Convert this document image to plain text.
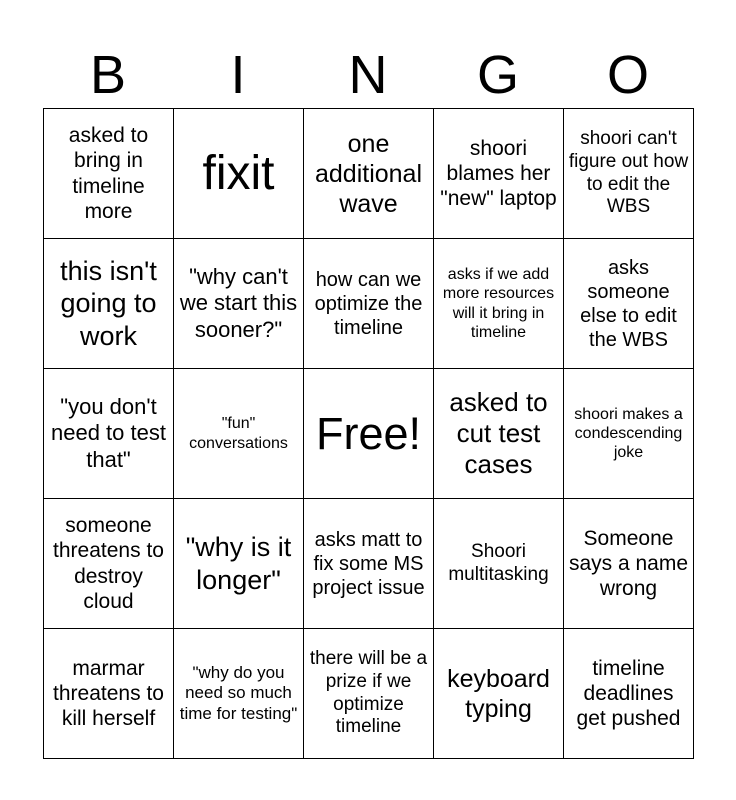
B	I	N	G	O
asked to bring in timeline more	fixit	one additional wave	shoori blames her "new" laptop	shoori can't figure out how to edit the WBS

this isn't going to work	"why can't we start this sooner?"	how can we optimize the timeline	asks if we add more resources will it bring in timeline	asks someone else to edit the WBS

"you don't need to test that"	"fun" conversations	Free!	asked to cut test cases	shoori makes a condescending joke

someone threatens to destroy cloud	"why is it longer"	asks matt to fix some MS project issue	Shoori multitasking	Someone says a name wrong

marmar threatens to kill herself	"why do you need so much time for testing"	there will be a prize if we optimize timeline	keyboard typing	timeline deadlines get pushed
